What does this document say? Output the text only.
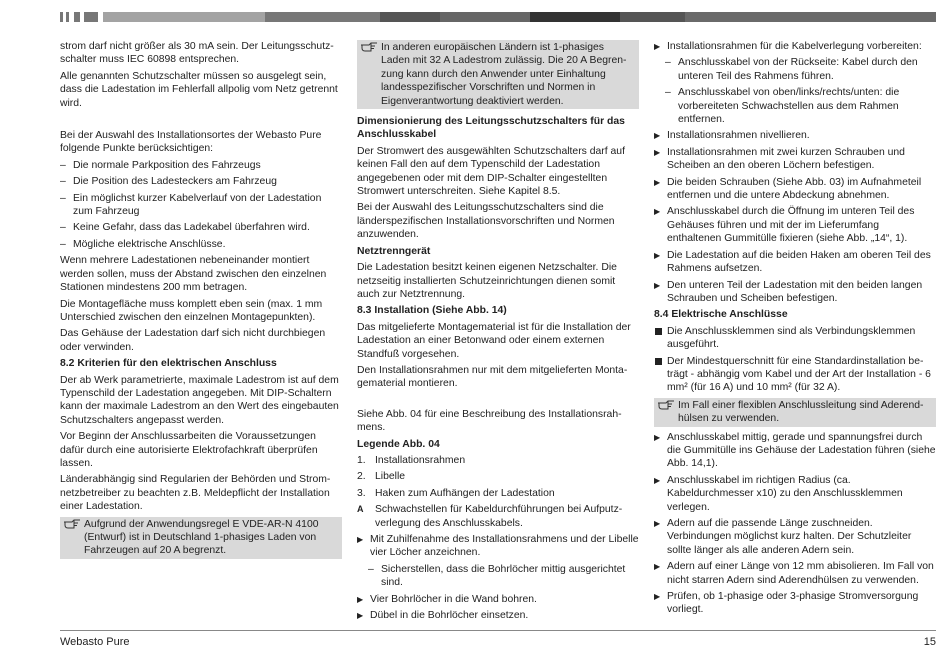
strom darf nicht größer als 30 mA sein. Der Leitungsschutz-schalter muss IEC 60898 entsprechen.

Alle genannten Schutzschalter müssen so ausgelegt sein, dass die Ladestation im Fehlerfall allpolig vom Netz getrennt wird.

Bei der Auswahl des Installationsortes der Webasto Pure folgende Punkte berücksichtigen:

– Die normale Parkposition des Fahrzeugs

– Die Position des Ladesteckers am Fahrzeug

– Ein möglichst kurzer Kabelverlauf von der Ladestation zum Fahrzeug

– Keine Gefahr, dass das Ladekabel überfahren wird.

– Mögliche elektrische Anschlüsse.

Wenn mehrere Ladestationen nebeneinander montiert werden sollen, muss der Abstand zwischen den einzelnen Stationen mindestens 200 mm betragen.

Die Montagefläche muss komplett eben sein (max. 1 mm Unterschied zwischen den einzelnen Montagepunkten).

Das Gehäuse der Ladestation darf sich nicht durchbiegen oder verwinden.

8.2 Kriterien für den elektrischen Anschluss

Der ab Werk parametrierte, maximale Ladestrom ist auf dem Typenschild der Ladestation angegeben. Mit DIP-Schaltern kann der maximale Ladestrom an den Wert des eingebauten Schutzschalters angepasst werden.

Vor Beginn der Anschlussarbeiten die Voraussetzungen dafür durch eine autorisierte Elektrofachkraft überprüfen lassen.

Länderabhängig sind Regularien der Behörden und Strom-netzbetreiber zu beachten z.B. Meldepflicht der Installation einer Ladestation.

Aufgrund der Anwendungsregel E VDE-AR-N 4100 (Entwurf) ist in Deutschland 1-phasiges Laden von Fahrzeugen auf 20 A begrenzt.
In anderen europäischen Ländern ist 1-phasiges Laden mit 32 A Ladestrom zulässig. Die 20 A Begren-zung kann durch den Anwender unter Einhaltung landesspezifischer Vorschriften und Normen in Eigenverantwortung deaktiviert werden.

Dimensionierung des Leitungsschutzschalters für das Anschlusskabel

Der Stromwert des ausgewählten Schutzschalters darf auf keinen Fall den auf dem Typenschild der Ladestation angegebenen oder mit dem DIP-Schalter eingestellten Stromwert unterschreiten. Siehe Kapitel 8.5.

Bei der Auswahl des Leitungsschutzschalters sind die länderspezifischen Installationsvorschriften und Normen anzuwenden.

Netztrenngerät

Die Ladestation besitzt keinen eigenen Netzschalter. Die netzseitig installierten Schutzeinrichtungen dienen somit auch zur Netztrennung.

8.3 Installation (Siehe Abb. 14)

Das mitgelieferte Montagematerial ist für die Installation der Ladestation an einer Betonwand oder einem externen Standfuß vorgesehen.

Den Installationsrahmen nur mit dem mitgelieferten Monta-gematerial montieren.

Siehe Abb. 04 für eine Beschreibung des Installationsrah-mens.

Legende Abb. 04

1. Installationsrahmen

2. Libelle

3. Haken zum Aufhängen der Ladestation

A Schwachstellen für Kabeldurchführungen bei Aufputz-verlegung des Anschlusskabels.

▶ Mit Zuhilfenahme des Installationsrahmens und der Libelle vier Löcher anzeichnen.

– Sicherstellen, dass die Bohrlöcher mittig ausgerichtet sind.

▶ Vier Bohrlöcher in die Wand bohren.

▶ Dübel in die Bohrlöcher einsetzen.

▶ Installationsrahmen für die Kabelverlegung vorbereiten:

– Anschlusskabel von der Rückseite: Kabel durch den unteren Teil des Rahmens führen.

– Anschlusskabel von oben/links/rechts/unten: die vorbereiteten Schwachstellen aus dem Rahmen entfernen.

▶ Installationsrahmen nivellieren.

▶ Installationsrahmen mit zwei kurzen Schrauben und Scheiben an den oberen Löchern befestigen.

▶ Die beiden Schrauben (Siehe Abb. 03) im Aufnahmeteil entfernen und die untere Abdeckung abnehmen.

▶ Anschlusskabel durch die Öffnung im unteren Teil des Gehäuses führen und mit der im Lieferumfang enthaltenen Gummitülle fixieren (siehe Abb. „14“, 1).

▶ Die Ladestation auf die beiden Haken am oberen Teil des Rahmens aufsetzen.

▶ Den unteren Teil der Ladestation mit den beiden langen Schrauben und Scheiben befestigen.

8.4 Elektrische Anschlüsse

Die Anschlussklemmen sind als Verbindungsklemmen ausgeführt.

Der Mindestquerschnitt für eine Standardinstallation be-trägt - abhängig vom Kabel und der Art der Installation - 6 mm² (für 16 A) und 10 mm² (für 32 A).

Im Fall einer flexiblen Anschlussleitung sind Aderend-hülsen zu verwenden.

▶ Anschlusskabel mittig, gerade und spannungsfrei durch die Gummitülle ins Gehäuse der Ladestation führen (siehe Abb. 14,1).

▶ Anschlusskabel im richtigen Radius (ca. Kabeldurchmesser x10) zu den Anschlussklemmen verlegen.

▶ Adern auf die passende Länge zuschneiden. Verbindungen möglichst kurz halten. Der Schutzleiter sollte länger als alle anderen Adern sein.

▶ Adern auf einer Länge von 12 mm abisolieren. Im Fall von nicht starren Adern sind Aderendhülsen zu verwenden.

▶ Prüfen, ob 1-phasige oder 3-phasige Stromversorgung vorliegt.

Webasto Pure	15
